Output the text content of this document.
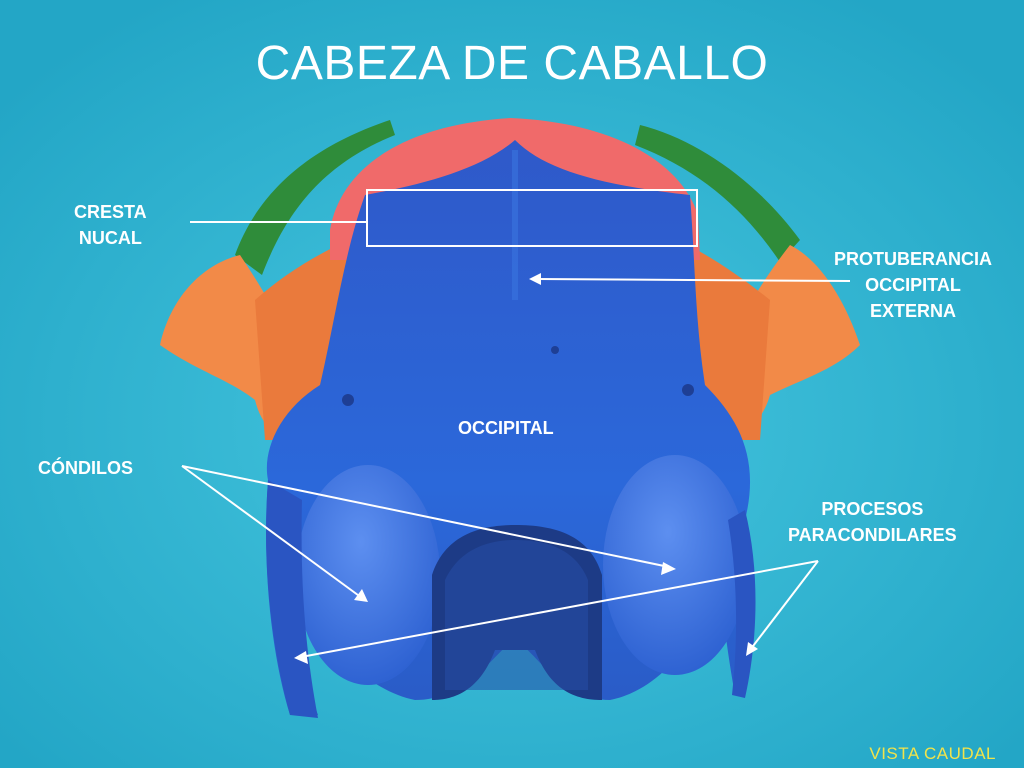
CABEZA DE CABALLO
CRESTA
NUCAL
PROTUBERANCIA
OCCIPITAL
EXTERNA
OCCIPITAL
CÓNDILOS
PROCESOS
PARACONDILARES
VISTA CAUDAL
